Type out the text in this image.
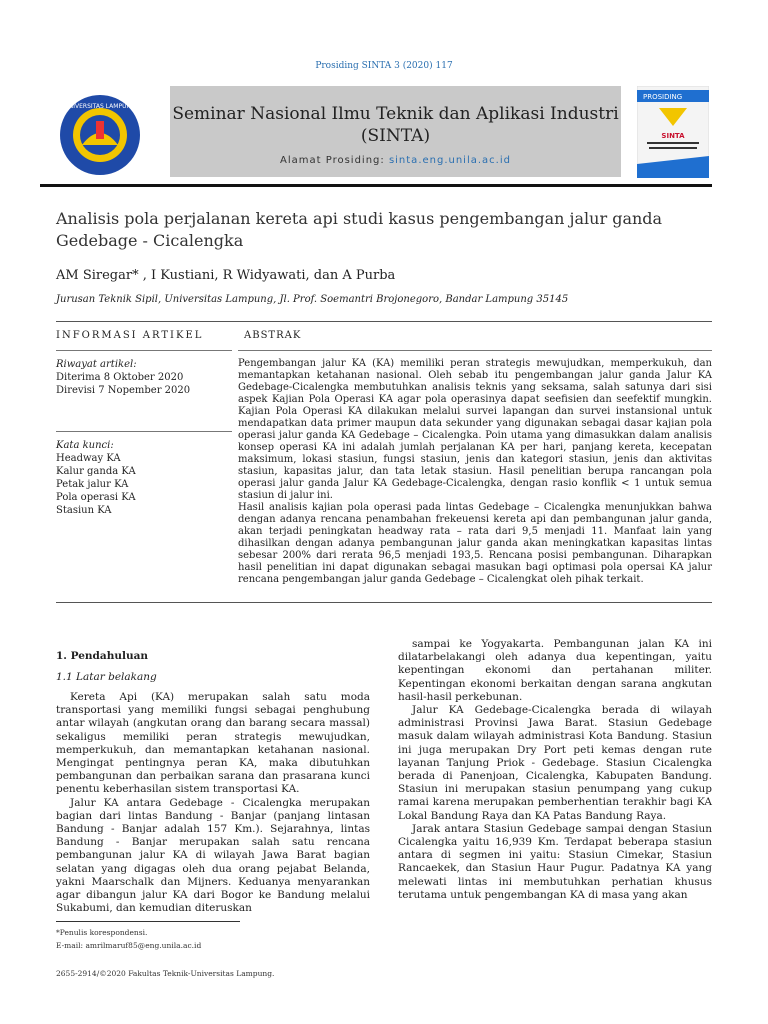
Prosiding SINTA 3 (2020) 117
UNIVERSITAS LAMPUNG Seminar Nasional Ilmu Teknik dan Aplikasi Industri
(SINTA)
Alamat Prosiding: sinta.eng.unila.ac.id
PROSIDING
SINTA
Analisis pola perjalanan kereta api studi kasus pengembangan jalur ganda Gedebage - Cicalengka
AM Siregar* , I Kustiani, R Widyawati, dan A Purba
Jurusan Teknik Sipil, Universitas Lampung, Jl. Prof. Soemantri Brojonegoro, Bandar Lampung 35145
INFORMASI ARTIKEL	ABSTRAK
Riwayat artikel:
Diterima 8 Oktober 2020
Direvisi 7 Nopember 2020
Kata kunci:
Headway KA
Kalur ganda KA
Petak jalur KA
Pola operasi KA
Stasiun KA

Pengembangan jalur KA (KA) memiliki peran strategis mewujudkan, memperkukuh, dan memantapkan ketahanan nasional. Oleh sebab itu pengembangan jalur ganda Jalur KA Gedebage-Cicalengka membutuhkan analisis teknis yang seksama, salah satunya dari sisi aspek Kajian Pola Operasi KA agar pola operasinya dapat seefisien dan seefektif mungkin. Kajian Pola Operasi KA dilakukan melalui survei lapangan dan survei instansional untuk mendapatkan data primer maupun data sekunder yang digunakan sebagai dasar kajian pola operasi jalur ganda KA Gedebage – Cicalengka. Poin utama yang dimasukkan dalam analisis konsep operasi KA ini adalah jumlah perjalanan KA per hari, panjang kereta, kecepatan maksimum, lokasi stasiun, fungsi stasiun, jenis dan kategori stasiun, jenis dan aktivitas stasiun, kapasitas jalur, dan tata letak stasiun. Hasil penelitian berupa rancangan pola operasi jalur ganda Jalur KA Gedebage-Cicalengka, dengan rasio konflik < 1 untuk semua stasiun di jalur ini.

Hasil analisis kajian pola operasi pada lintas Gedebage – Cicalengka menunjukkan bahwa dengan adanya rencana penambahan frekeuensi kereta api dan pembangunan jalur ganda, akan terjadi peningkatan headway rata – rata dari 9,5 menjadi 11. Manfaat lain yang dihasilkan dengan adanya pembangunan jalur ganda akan meningkatkan kapasitas lintas sebesar 200% dari rerata 96,5 menjadi 193,5. Rencana posisi pembangunan. Diharapkan hasil penelitian ini dapat digunakan sebagai masukan bagi optimasi pola opersai KA jalur rencana pengembangan jalur ganda Gedebage – Cicalengkat oleh pihak terkait.

1. Pendahuluan
1.1 Latar belakang

Kereta Api (KA) merupakan salah satu moda transportasi yang memiliki fungsi sebagai penghubung antar wilayah (angkutan orang dan barang secara massal) sekaligus memiliki peran strategis mewujudkan, memperkukuh, dan memantapkan ketahanan nasional. Mengingat pentingnya peran KA, maka dibutuhkan pembangunan dan perbaikan sarana dan prasarana kunci penentu keberhasilan sistem transportasi KA.

Jalur KA antara Gedebage - Cicalengka merupakan bagian dari lintas Bandung - Banjar (panjang lintasan Bandung - Banjar adalah 157 Km.). Sejarahnya, lintas Bandung - Banjar merupakan salah satu rencana pembangunan jalur KA di wilayah Jawa Barat bagian selatan yang digagas oleh dua orang pejabat Belanda, yakni Maarschalk dan Mijners. Keduanya menyarankan agar dibangun jalur KA dari Bogor ke Bandung melalui Sukabumi, dan kemudian diteruskan

sampai ke Yogyakarta. Pembangunan jalan KA ini dilatarbelakangi oleh adanya dua kepentingan, yaitu kepentingan ekonomi dan pertahanan militer. Kepentingan ekonomi berkaitan dengan sarana angkutan hasil-hasil perkebunan.

Jalur KA Gedebage-Cicalengka berada di wilayah administrasi Provinsi Jawa Barat. Stasiun Gedebage masuk dalam wilayah administrasi Kota Bandung. Stasiun ini juga merupakan Dry Port peti kemas dengan rute layanan Tanjung Priok - Gedebage. Stasiun Cicalengka berada di Panenjoan, Cicalengka, Kabupaten Bandung. Stasiun ini merupakan stasiun penumpang yang cukup ramai karena merupakan pemberhentian terakhir bagi KA Lokal Bandung Raya dan KA Patas Bandung Raya.

Jarak antara Stasiun Gedebage sampai dengan Stasiun Cicalengka yaitu 16,939 Km. Terdapat beberapa stasiun antara di segmen ini yaitu: Stasiun Cimekar, Stasiun Rancaekek, dan Stasiun Haur Pugur. Padatnya KA yang melewati lintas ini membutuhkan perhatian khusus terutama untuk pengembangan KA di masa yang akan

*Penulis korespondensi.
E-mail: amrilmaruf85@eng.unila.ac.id
2655-2914/©2020 Fakultas Teknik-Universitas Lampung.
